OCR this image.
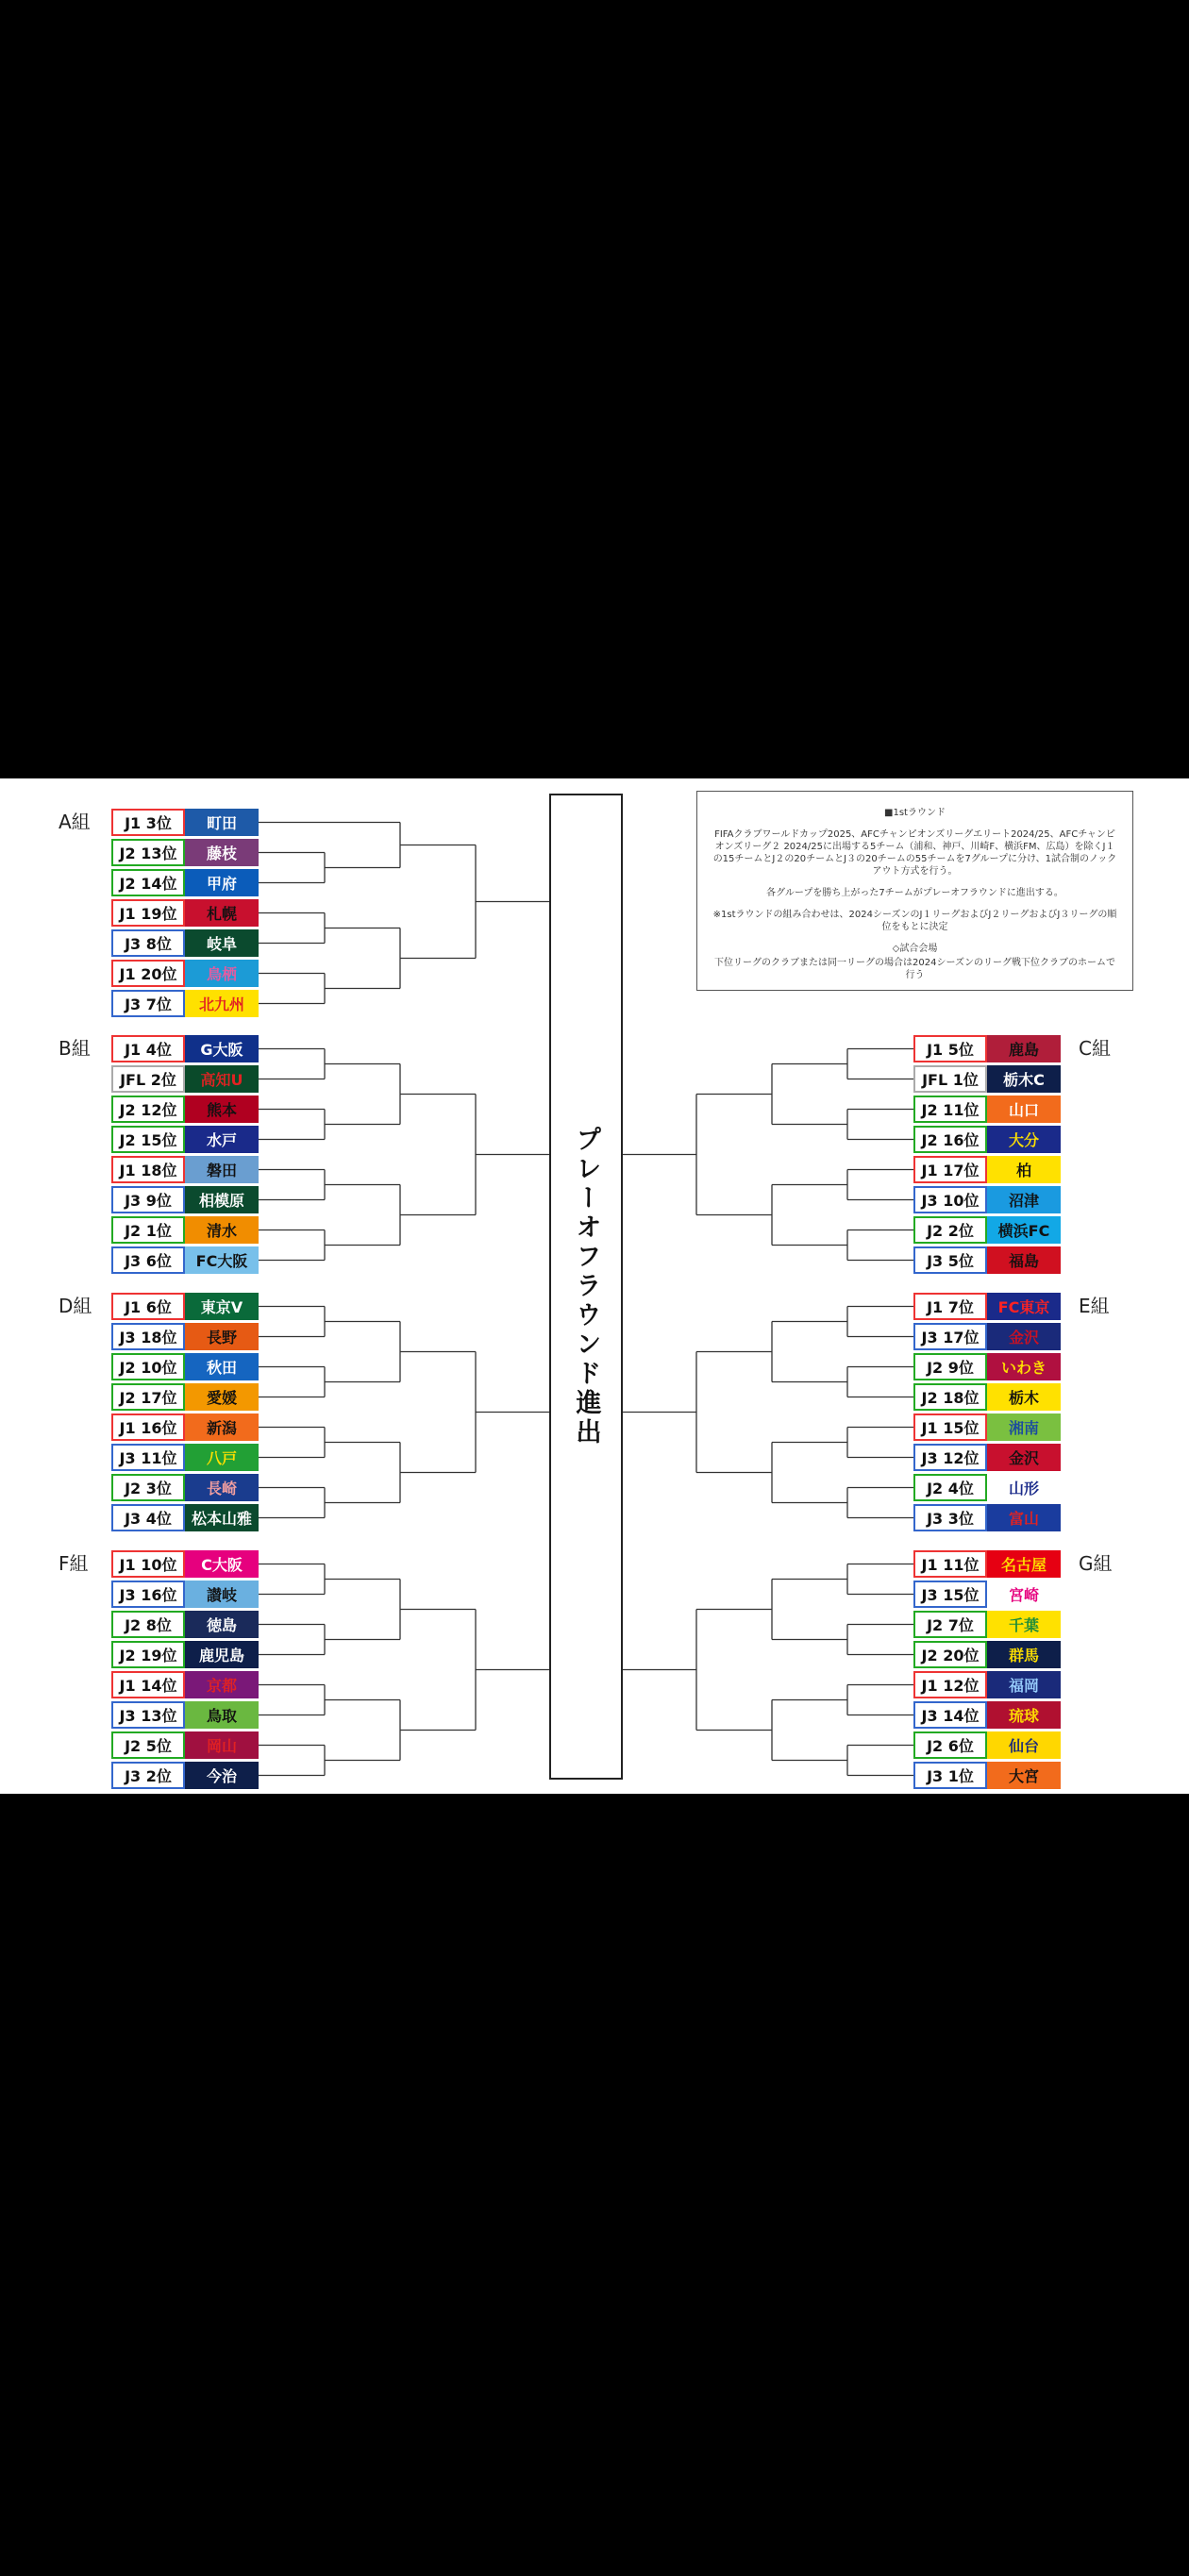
プレーオフラウンド進出

■1stラウンド

FIFAクラブワールドカップ2025、AFCチャンピオンズリーグエリート2024/25、AFCチャンピオンズリーグ２ 2024/25に出場する5チーム（浦和、神戸、川崎F、横浜FM、広島）を除くJ１の15チームとJ２の20チームとJ３の20チームの55チームを7グループに分け、1試合制のノックアウト方式を行う。

各グループを勝ち上がった7チームがプレーオフラウンドに進出する。

※1stラウンドの組み合わせは、2024シーズンのJ１リーグおよびJ２リーグおよびJ３リーグの順位をもとに決定

◇試合会場

下位リーグのクラブまたは同一リーグの場合は2024シーズンのリーグ戦下位クラブのホームで行う

A組	J1 3位	町田
J2 13位	藤枝
J2 14位	甲府
J1 19位	札幌
J3 8位	岐阜
J1 20位	鳥栖
J3 7位	北九州
B組	J1 4位	G大阪
JFL 2位	高知U
J2 12位	熊本
J2 15位	水戸
J1 18位	磐田
J3 9位	相模原
J2 1位	清水
J3 6位	FC大阪
D組	J1 6位	東京V
J3 18位	長野
J2 10位	秋田
J2 17位	愛媛
J1 16位	新潟
J3 11位	八戸
J2 3位	長崎
J3 4位	松本山雅
F組	J1 10位	C大阪
J3 16位	讃岐
J2 8位	徳島
J2 19位	鹿児島
J1 14位	京都
J3 13位	鳥取
J2 5位	岡山
J3 2位	今治
C組
J1 5位	鹿島
JFL 1位	栃木C
J2 11位	山口
J2 16位	大分
J1 17位	柏
J3 10位	沼津
J2 2位	横浜FC
J3 5位	福島
E組
J1 7位	FC東京
J3 17位	金沢
J2 9位	いわき
J2 18位	栃木
J1 15位	湘南
J3 12位	金沢
J2 4位	山形
J3 3位	富山
G組
J1 11位	名古屋
J3 15位	宮崎
J2 7位	千葉
J2 20位	群馬
J1 12位	福岡
J3 14位	琉球
J2 6位	仙台
J3 1位	大宮
